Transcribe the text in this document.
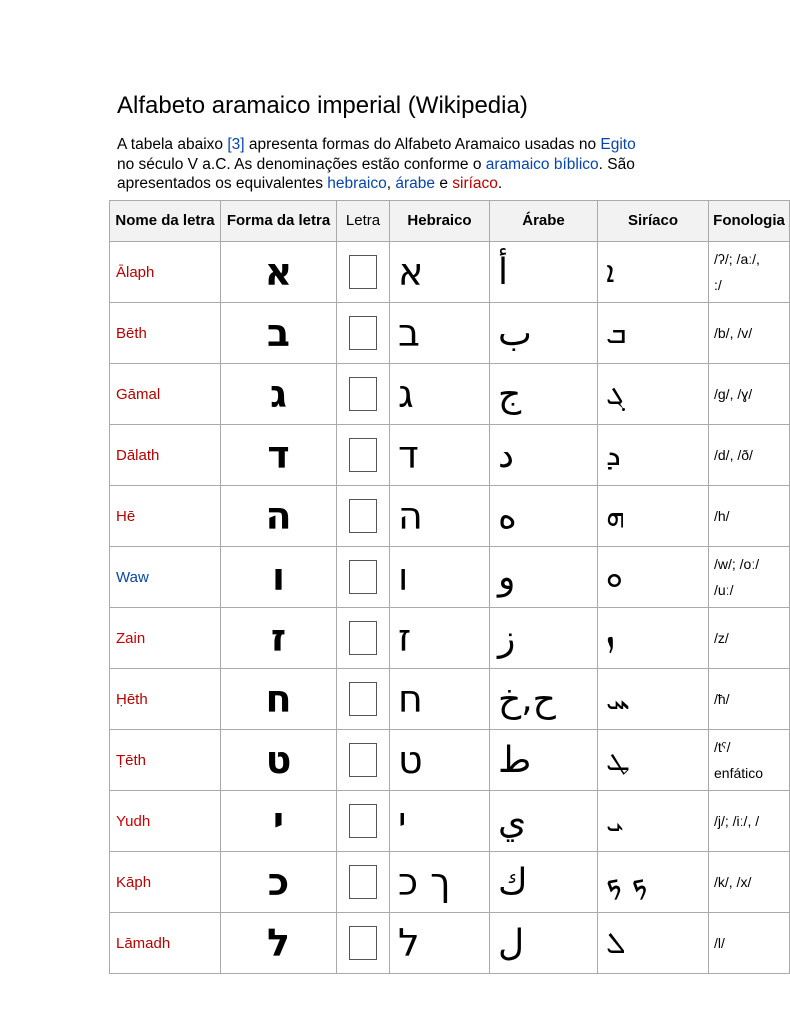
Alfabeto aramaico imperial (Wikipedia)

A tabela abaixo [3] apresenta formas do Alfabeto Aramaico usadas no Egito no século V a.C. As denominações estão conforme o aramaico bíblico. São apresentados os equivalentes hebraico, árabe e siríaco.

Nome da letra	Forma da letra	Letra	Hebraico	Árabe	Siríaco	Fonologia
Ālaph	א		א	أ	ܐ	/ʔ/; /aː/,
:/
Bēth	ב		ב	ب	ܒ	/b/, /v/

Gāmal	ג		ג	ج	ܓ	/g/, /ɣ/

Dālath	ד		ד	د	ܕ	/d/, /ð/

Hē	ה		ה	ه	ܗ	/h/

Waw	ו		ו	و	ܘ	/w/; /oː/
/uː/
Zain	ז		ז	ز	ܙ	/z/

Ḥēth	ח		ח	ح,خ	ܚ	/ħ/

Ṭēth	ט		ט	ط	ܛ	/tˤ/
enfático
Yudh	י		י	ي	ܝ	/j/; /iː/, /

Kāph	כ		ך כ	ك	ܟ ܟ	/k/, /x/

Lāmadh	ל		ל	ل	ܠ	/l/
